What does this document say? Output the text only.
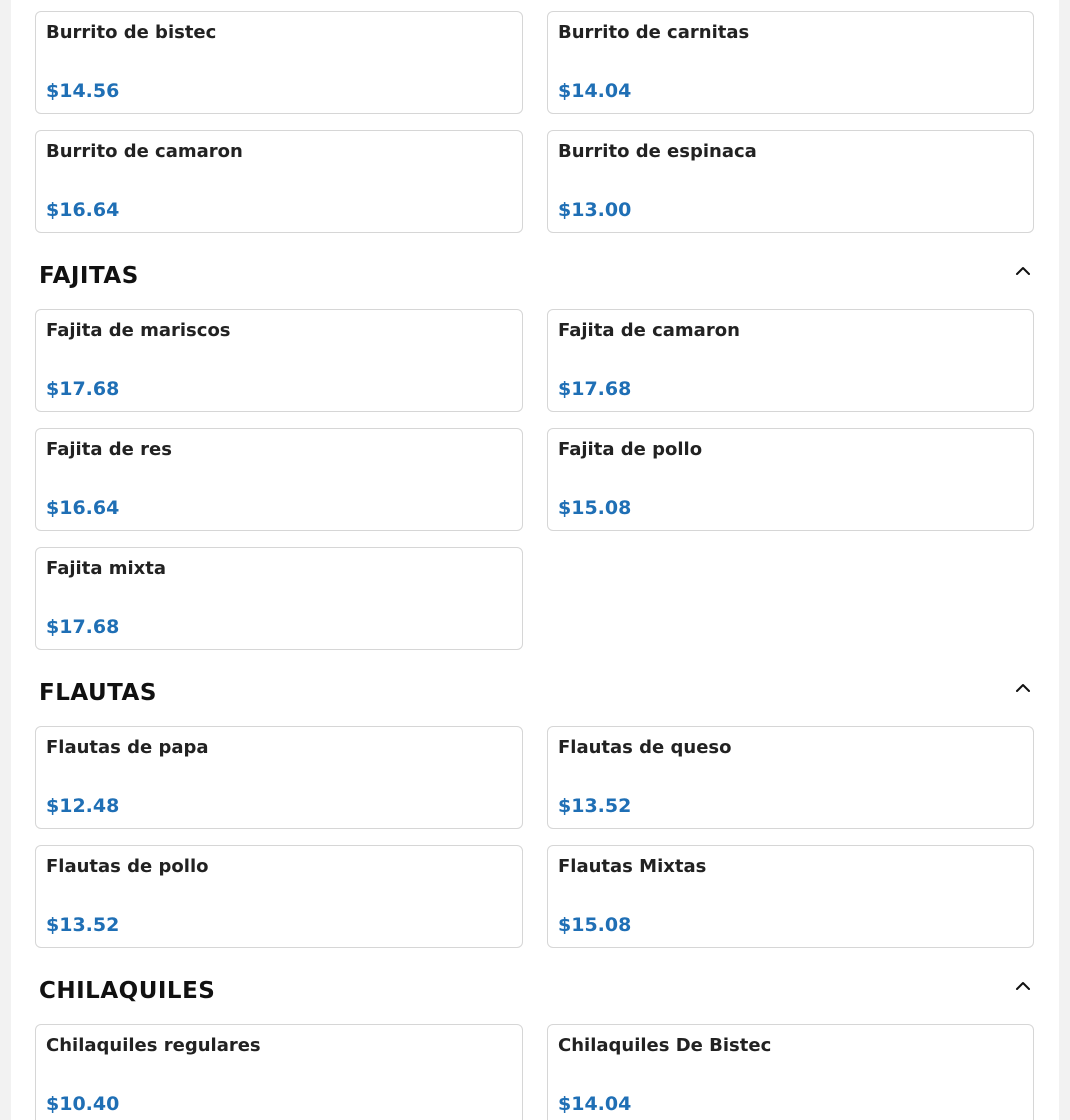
Burrito de bistec
$14.56
Burrito de carnitas
$14.04
Burrito de camaron
$16.64
Burrito de espinaca
$13.00
FAJITAS
Fajita de mariscos
$17.68
Fajita de camaron
$17.68
Fajita de res
$16.64
Fajita de pollo
$15.08
Fajita mixta
$17.68
FLAUTAS
Flautas de papa
$12.48
Flautas de queso
$13.52
Flautas de pollo
$13.52
Flautas Mixtas
$15.08
CHILAQUILES
Chilaquiles regulares
$10.40
Chilaquiles De Bistec
$14.04
